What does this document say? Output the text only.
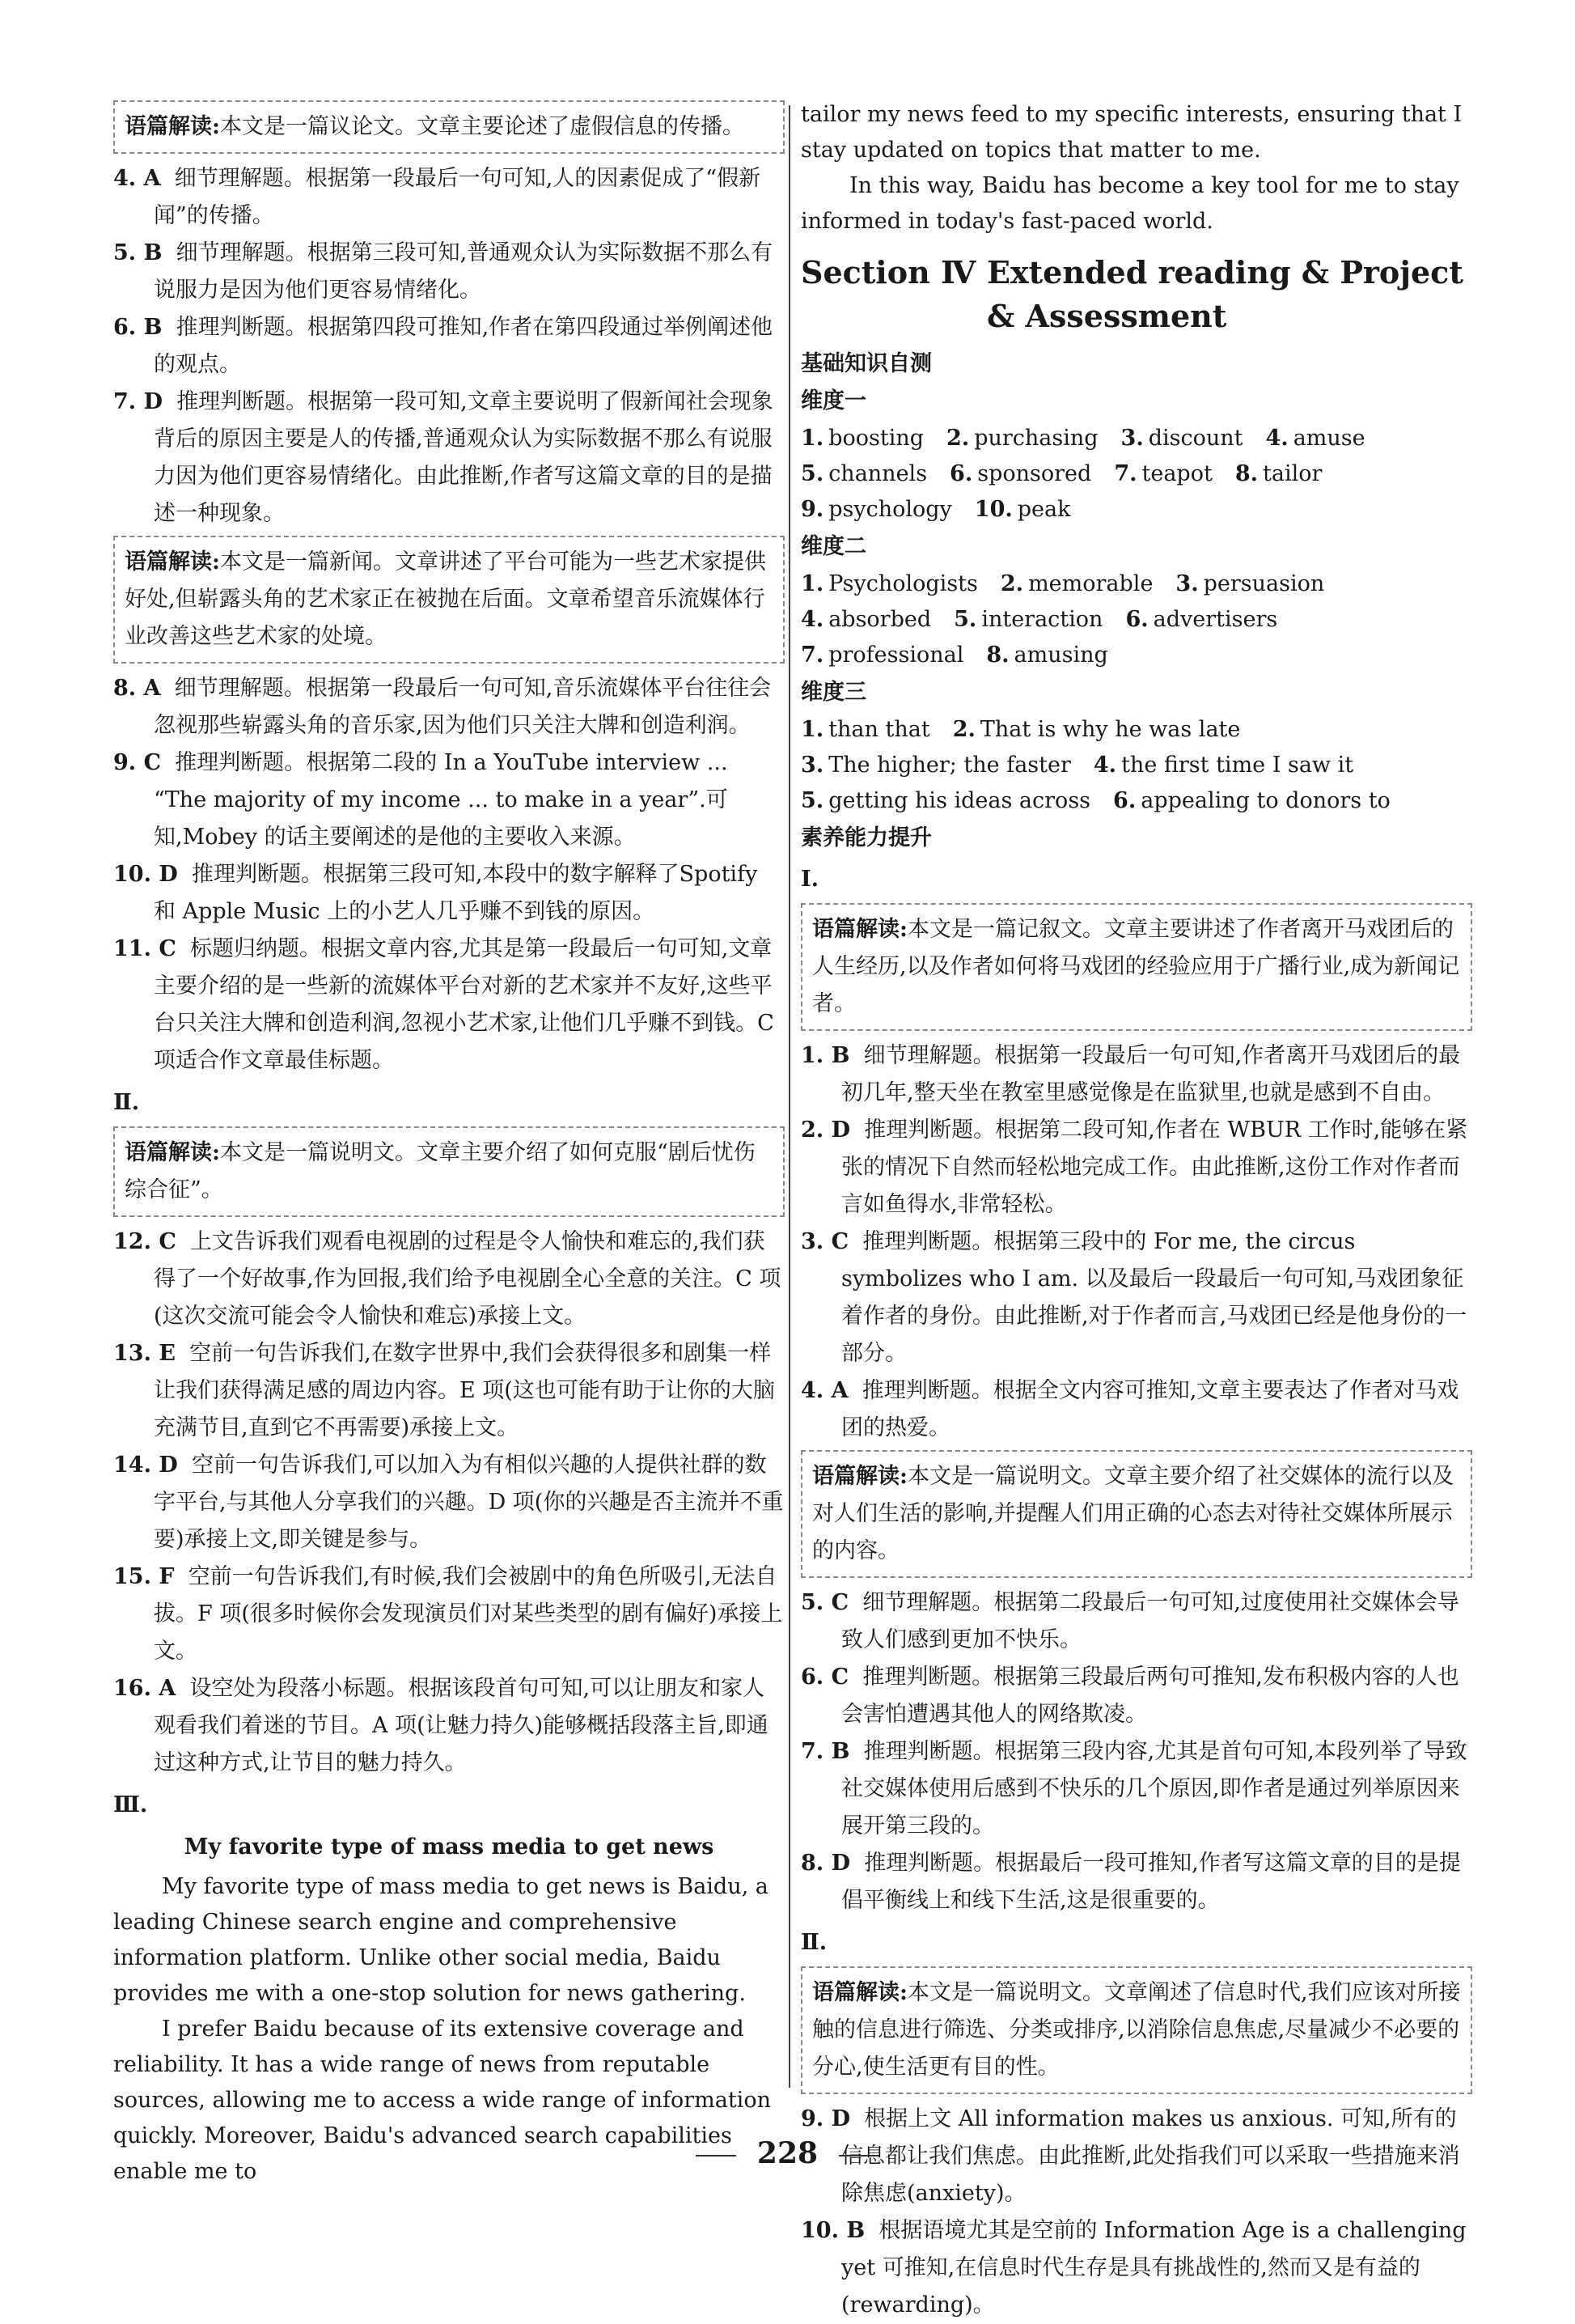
语篇解读:本文是一篇议论文。文章主要论述了虚假信息的传播。

4. A 细节理解题。根据第一段最后一句可知,人的因素促成了“假新闻”的传播。

5. B 细节理解题。根据第三段可知,普通观众认为实际数据不那么有说服力是因为他们更容易情绪化。

6. B 推理判断题。根据第四段可推知,作者在第四段通过举例阐述他的观点。

7. D 推理判断题。根据第一段可知,文章主要说明了假新闻社会现象背后的原因主要是人的传播,普通观众认为实际数据不那么有说服力因为他们更容易情绪化。由此推断,作者写这篇文章的目的是描述一种现象。

语篇解读:本文是一篇新闻。文章讲述了平台可能为一些艺术家提供好处,但崭露头角的艺术家正在被抛在后面。文章希望音乐流媒体行业改善这些艺术家的处境。

8. A 细节理解题。根据第一段最后一句可知,音乐流媒体平台往往会忽视那些崭露头角的音乐家,因为他们只关注大牌和创造利润。

9. C 推理判断题。根据第二段的 In a YouTube interview ... “The majority of my income ... to make in a year”.可知,Mobey 的话主要阐述的是他的主要收入来源。

10. D 推理判断题。根据第三段可知,本段中的数字解释了Spotify 和 Apple Music 上的小艺人几乎赚不到钱的原因。

11. C 标题归纳题。根据文章内容,尤其是第一段最后一句可知,文章主要介绍的是一些新的流媒体平台对新的艺术家并不友好,这些平台只关注大牌和创造利润,忽视小艺术家,让他们几乎赚不到钱。C 项适合作文章最佳标题。

Ⅱ.
语篇解读:本文是一篇说明文。文章主要介绍了如何克服“剧后忧伤综合征”。

12. C 上文告诉我们观看电视剧的过程是令人愉快和难忘的,我们获得了一个好故事,作为回报,我们给予电视剧全心全意的关注。C 项(这次交流可能会令人愉快和难忘)承接上文。

13. E 空前一句告诉我们,在数字世界中,我们会获得很多和剧集一样让我们获得满足感的周边内容。E 项(这也可能有助于让你的大脑充满节目,直到它不再需要)承接上文。

14. D 空前一句告诉我们,可以加入为有相似兴趣的人提供社群的数字平台,与其他人分享我们的兴趣。D 项(你的兴趣是否主流并不重要)承接上文,即关键是参与。

15. F 空前一句告诉我们,有时候,我们会被剧中的角色所吸引,无法自拔。F 项(很多时候你会发现演员们对某些类型的剧有偏好)承接上文。

16. A 设空处为段落小标题。根据该段首句可知,可以让朋友和家人观看我们着迷的节目。A 项(让魅力持久)能够概括段落主旨,即通过这种方式,让节目的魅力持久。

Ⅲ.
My favorite type of mass media to get news

My favorite type of mass media to get news is Baidu, a leading Chinese search engine and comprehensive information platform. Unlike other social media, Baidu provides me with a one-stop solution for news gathering.

I prefer Baidu because of its extensive coverage and reliability. It has a wide range of news from reputable sources, allowing me to access a wide range of information quickly. Moreover, Baidu's advanced search capabilities enable me to

tailor my news feed to my specific interests, ensuring that I stay updated on topics that matter to me.

In this way, Baidu has become a key tool for me to stay informed in today's fast-paced world.

Section Ⅳ Extended reading & Project & Assessment
基础知识自测
维度一
1. boosting 2. purchasing 3. discount 4. amuse
5. channels 6. sponsored 7. teapot 8. tailor
9. psychology 10. peak
维度二
1. Psychologists 2. memorable 3. persuasion
4. absorbed 5. interaction 6. advertisers
7. professional 8. amusing
维度三
1. than that 2. That is why he was late
3. The higher; the faster 4. the first time I saw it
5. getting his ideas across 6. appealing to donors to
素养能力提升
Ⅰ.
语篇解读:本文是一篇记叙文。文章主要讲述了作者离开马戏团后的人生经历,以及作者如何将马戏团的经验应用于广播行业,成为新闻记者。

1. B 细节理解题。根据第一段最后一句可知,作者离开马戏团后的最初几年,整天坐在教室里感觉像是在监狱里,也就是感到不自由。

2. D 推理判断题。根据第二段可知,作者在 WBUR 工作时,能够在紧张的情况下自然而轻松地完成工作。由此推断,这份工作对作者而言如鱼得水,非常轻松。

3. C 推理判断题。根据第三段中的 For me, the circus symbolizes who I am. 以及最后一段最后一句可知,马戏团象征着作者的身份。由此推断,对于作者而言,马戏团已经是他身份的一部分。

4. A 推理判断题。根据全文内容可推知,文章主要表达了作者对马戏团的热爱。

语篇解读:本文是一篇说明文。文章主要介绍了社交媒体的流行以及对人们生活的影响,并提醒人们用正确的心态去对待社交媒体所展示的内容。

5. C 细节理解题。根据第二段最后一句可知,过度使用社交媒体会导致人们感到更加不快乐。

6. C 推理判断题。根据第三段最后两句可推知,发布积极内容的人也会害怕遭遇其他人的网络欺凌。

7. B 推理判断题。根据第三段内容,尤其是首句可知,本段列举了导致社交媒体使用后感到不快乐的几个原因,即作者是通过列举原因来展开第三段的。

8. D 推理判断题。根据最后一段可推知,作者写这篇文章的目的是提倡平衡线上和线下生活,这是很重要的。

Ⅱ.
语篇解读:本文是一篇说明文。文章阐述了信息时代,我们应该对所接触的信息进行筛选、分类或排序,以消除信息焦虑,尽量减少不必要的分心,使生活更有目的性。

9. D 根据上文 All information makes us anxious. 可知,所有的信息都让我们焦虑。由此推断,此处指我们可以采取一些措施来消除焦虑(anxiety)。

10. B 根据语境尤其是空前的 Information Age is a challenging yet 可推知,在信息时代生存是具有挑战性的,然而又是有益的(rewarding)。

228
